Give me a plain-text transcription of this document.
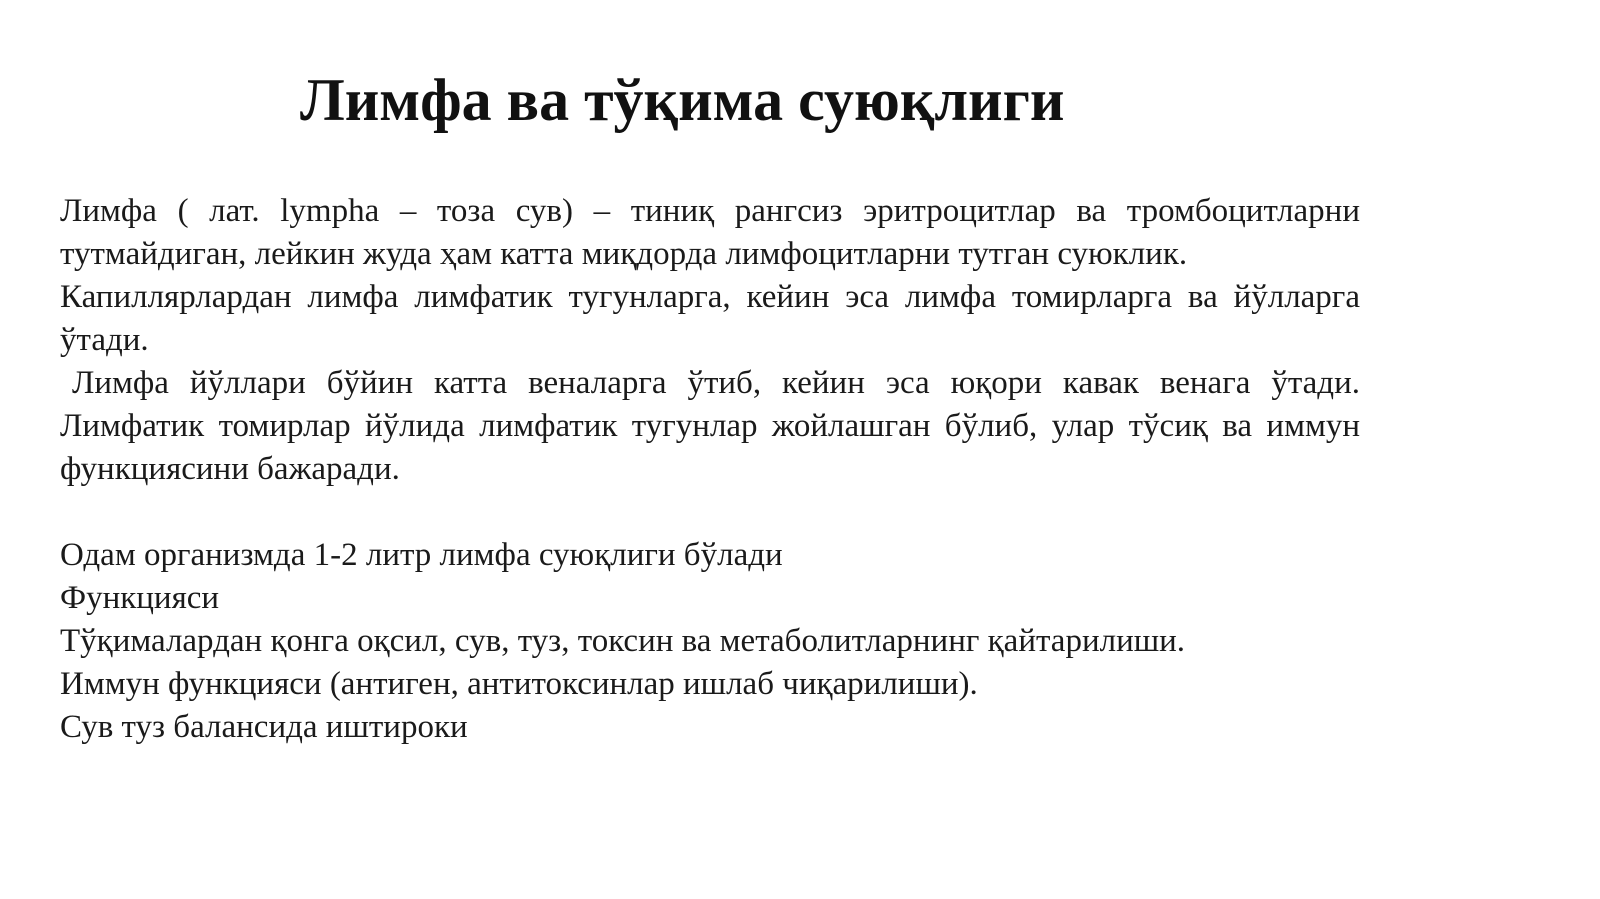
Лимфа ва тўқима суюқлиги

Лимфа ( лат. lympha – тоза сув) – тиниқ рангсиз эритроцитлар ва тромбоцитларни тутмайдиган, лейкин жуда ҳам катта миқдорда лимфоцитларни тутган суюклик.

Капиллярлардан лимфа лимфатик тугунларга, кейин эса лимфа томирларга ва йўлларга ўтади.

Лимфа йўллари бўйин катта веналарга ўтиб, кейин эса юқори кавак венага ўтади. Лимфатик томирлар йўлида лимфатик тугунлар жойлашган бўлиб, улар тўсиқ ва иммун функциясини бажаради.

Одам организмда 1-2 литр лимфа суюқлиги бўлади

Функцияси

Тўқималардан қонга оқсил, сув, туз, токсин ва метаболитларнинг қайтарилиши.

Иммун функцияси (антиген, антитоксинлар ишлаб чиқарилиши).

Сув туз балансида иштироки
